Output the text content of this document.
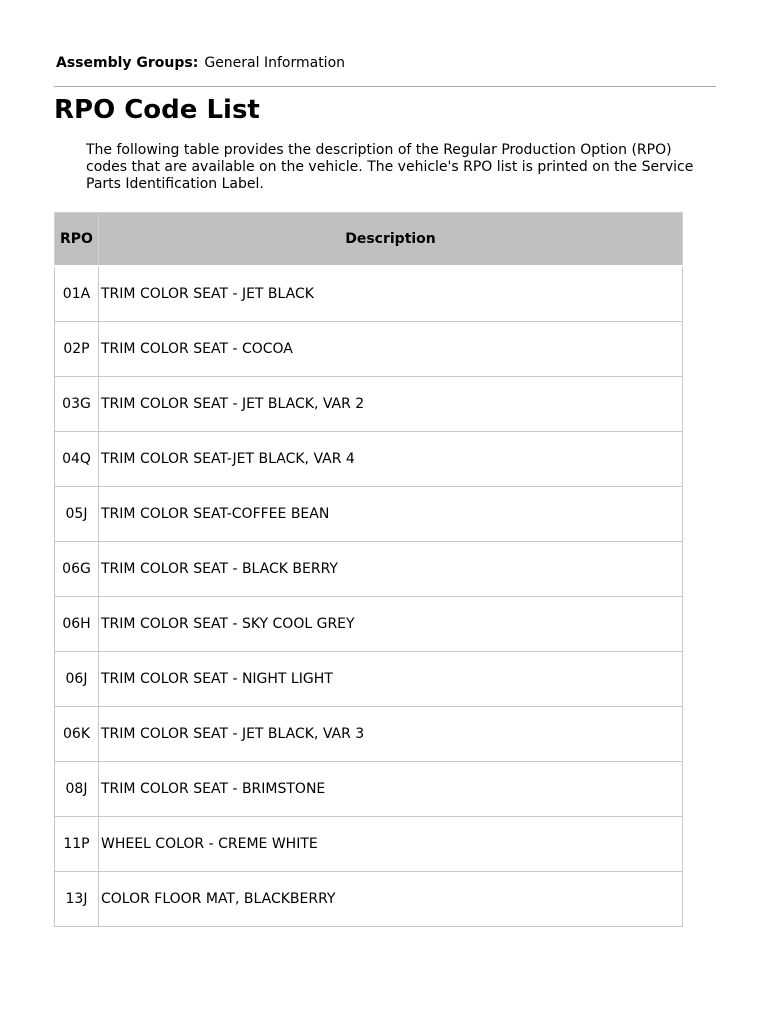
Assembly Groups: General Information
RPO Code List

The following table provides the description of the Regular Production Option (RPO) codes that are available on the vehicle. The vehicle's RPO list is printed on the Service Parts Identification Label.

RPO	Description
01A	TRIM COLOR SEAT - JET BLACK
02P	TRIM COLOR SEAT - COCOA
03G	TRIM COLOR SEAT - JET BLACK, VAR 2
04Q	TRIM COLOR SEAT-JET BLACK, VAR 4
05J	TRIM COLOR SEAT-COFFEE BEAN
06G	TRIM COLOR SEAT - BLACK BERRY
06H	TRIM COLOR SEAT - SKY COOL GREY
06J	TRIM COLOR SEAT - NIGHT LIGHT
06K	TRIM COLOR SEAT - JET BLACK, VAR 3
08J	TRIM COLOR SEAT - BRIMSTONE
11P	WHEEL COLOR - CREME WHITE
13J	COLOR FLOOR MAT, BLACKBERRY
